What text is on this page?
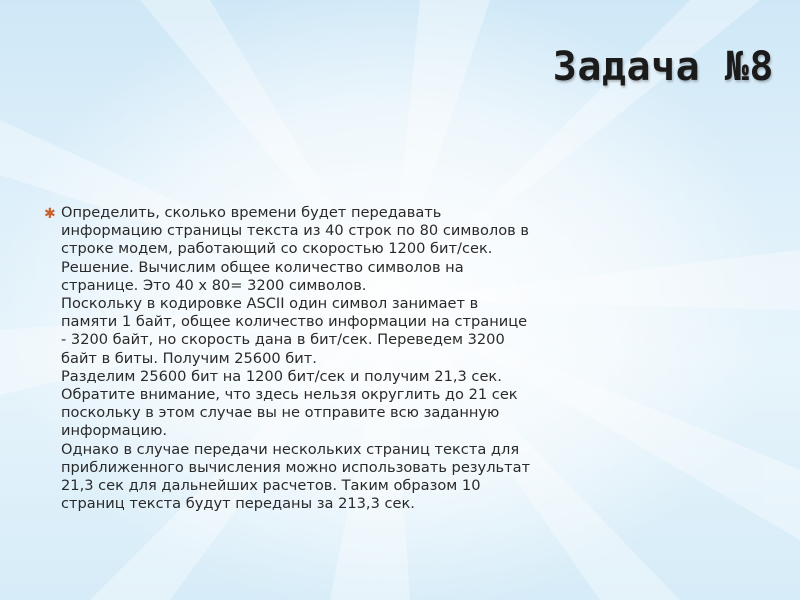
Задача №8
✱ Определить, сколько времени будет передавать
информацию страницы текста из 40 строк по 80 символов в
строке модем, работающий со скоростью 1200 бит/сек.
Решение. Вычислим общее количество символов на
странице. Это 40 х 80= 3200 символов.
Поскольку в кодировке ASCII один символ занимает в
памяти 1 байт, общее количество информации на странице
- 3200 байт, но скорость дана в бит/сек. Переведем 3200
байт в биты. Получим 25600 бит.
Разделим 25600 бит на 1200 бит/сек и получим 21,3 сек.
Обратите внимание, что здесь нельзя округлить до 21 сек
поскольку в этом случае вы не отправите всю заданную
информацию.
Однако в случае передачи нескольких страниц текста для
приближенного вычисления можно использовать результат
21,3 сек для дальнейших расчетов. Таким образом 10
страниц текста будут переданы за 213,3 сек.
